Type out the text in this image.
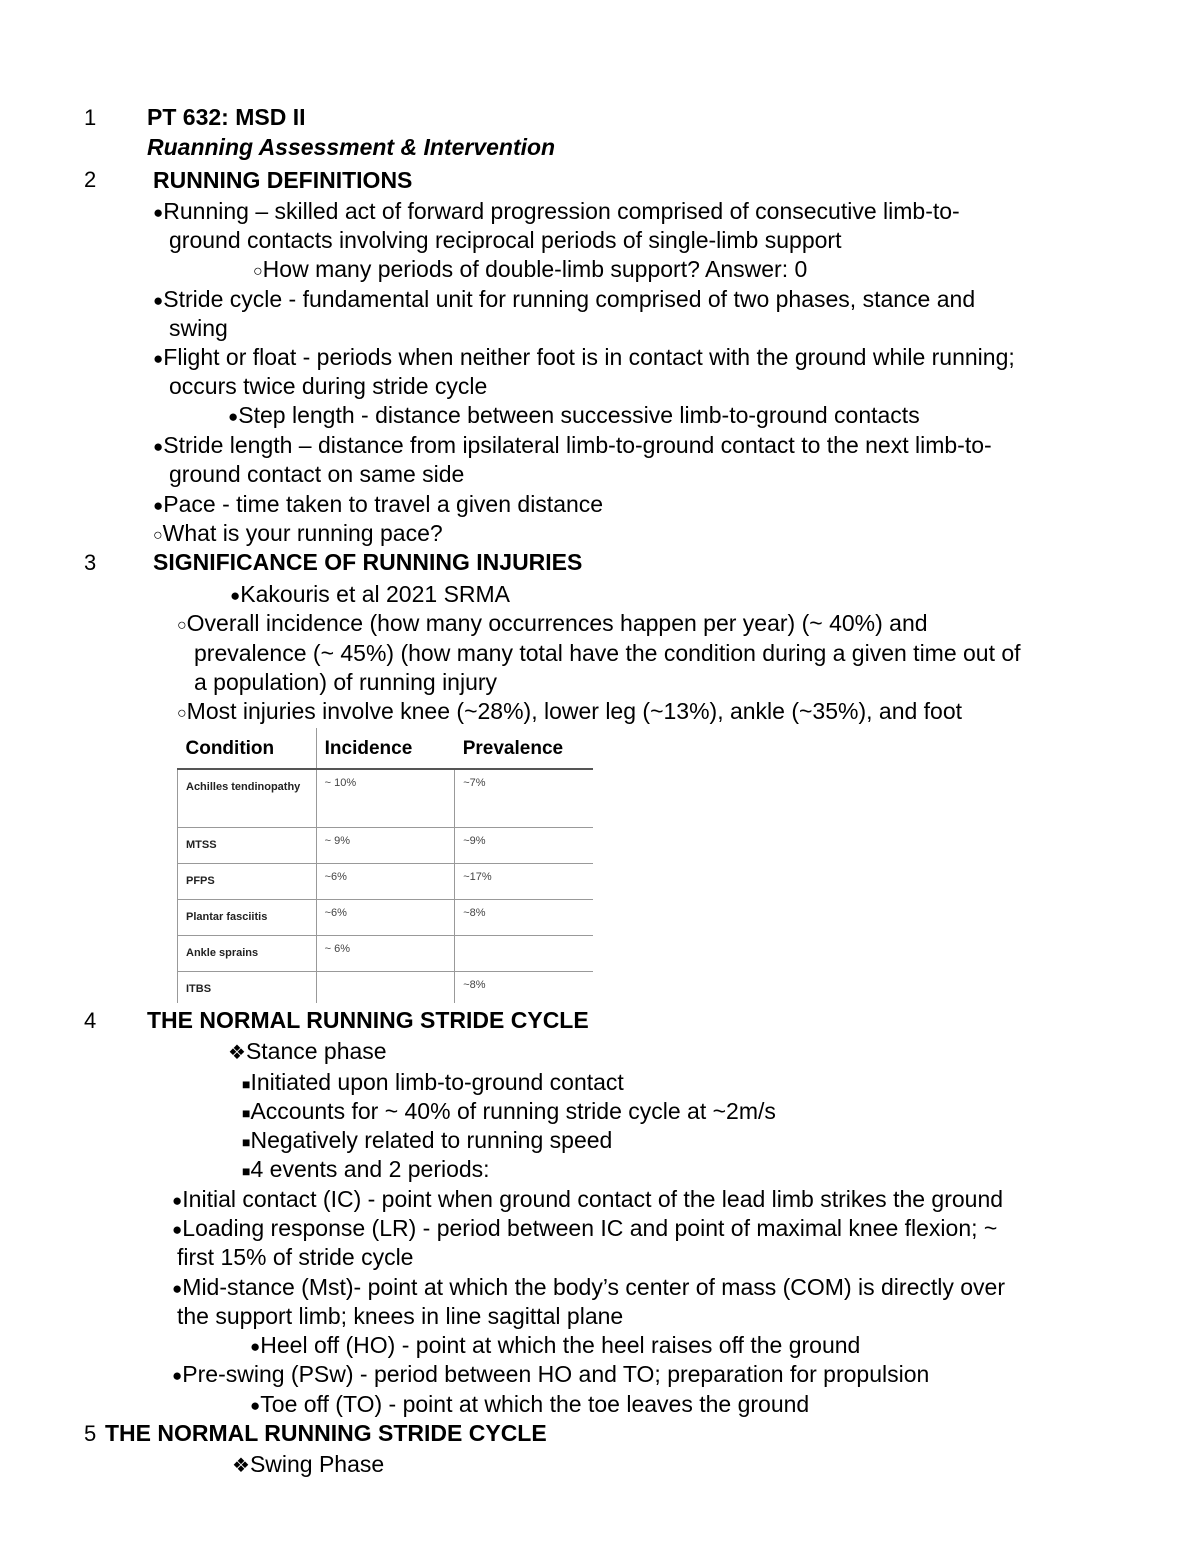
1 PT 632: MSD II
Ruanning Assessment & Intervention
2 RUNNING DEFINITIONS
●Running – skilled act of forward progression comprised of consecutive limb-to-
ground contacts involving reciprocal periods of single-limb support
○How many periods of double-limb support? Answer: 0
●Stride cycle - fundamental unit for running comprised of two phases, stance and
swing
●Flight or float - periods when neither foot is in contact with the ground while running;
occurs twice during stride cycle
●Step length - distance between successive limb-to-ground contacts
●Stride length – distance from ipsilateral limb-to-ground contact to the next limb-to-
ground contact on same side
●Pace - time taken to travel a given distance
○What is your running pace?
3 SIGNIFICANCE OF RUNNING INJURIES
●Kakouris et al 2021 SRMA
○Overall incidence (how many occurrences happen per year) (~ 40%) and
prevalence (~ 45%) (how many total have the condition during a given time out of
a population) of running injury
○Most injuries involve knee (~28%), lower leg (~13%), ankle (~35%), and foot
Condition	Incidence	Prevalence
Achilles tendinopathy	~ 10%	~7%
MTSS	~ 9%	~9%
PFPS	~6%	~17%
Plantar fasciitis	~6%	~8%
Ankle sprains	~ 6%	
ITBS		~8%
4 THE NORMAL RUNNING STRIDE CYCLE
❖Stance phase
■Initiated upon limb-to-ground contact
■Accounts for ~ 40% of running stride cycle at ~2m/s
■Negatively related to running speed
■4 events and 2 periods:
●Initial contact (IC) - point when ground contact of the lead limb strikes the ground
●Loading response (LR) - period between IC and point of maximal knee flexion; ~
first 15% of stride cycle
●Mid-stance (Mst)- point at which the body’s center of mass (COM) is directly over
the support limb; knees in line sagittal plane
●Heel off (HO) - point at which the heel raises off the ground
●Pre-swing (PSw) - period between HO and TO; preparation for propulsion
●Toe off (TO) - point at which the toe leaves the ground
5 THE NORMAL RUNNING STRIDE CYCLE
❖Swing Phase
